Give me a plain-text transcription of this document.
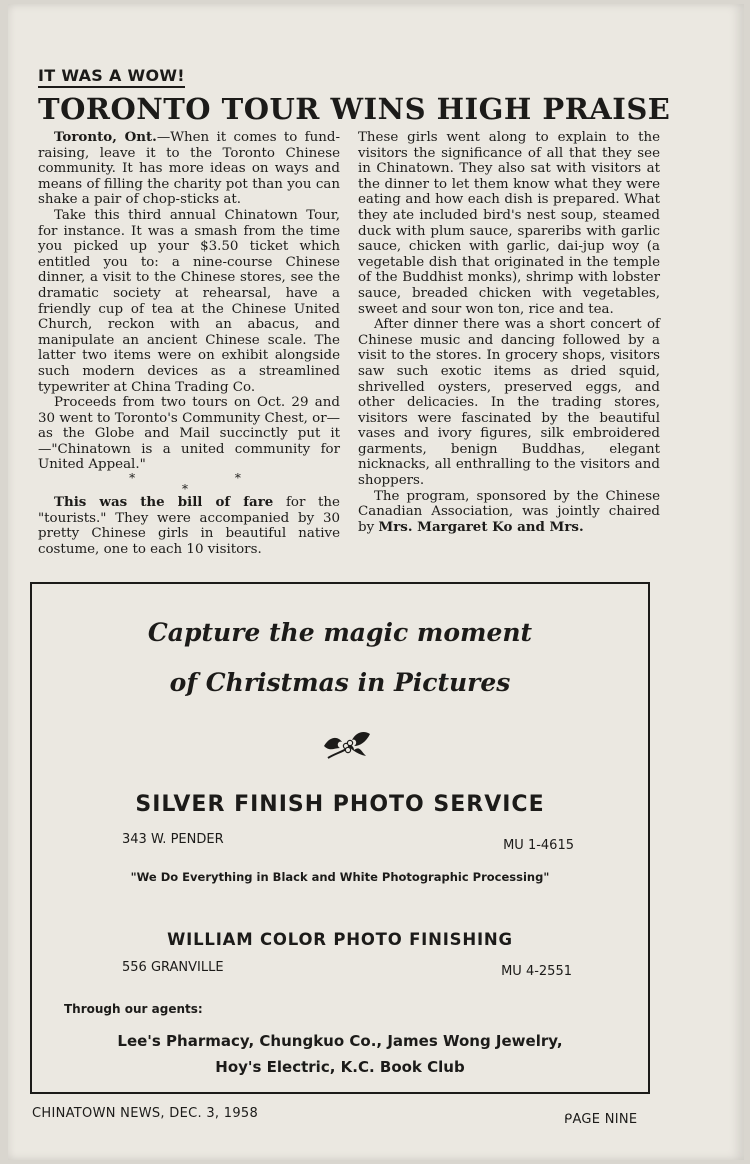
IT WAS A WOW!
TORONTO TOUR WINS HIGH PRAISE

Toronto, Ont.—When it comes to fund-raising, leave it to the Toronto Chinese community. It has more ideas on ways and means of filling the charity pot than you can shake a pair of chop-sticks at.

Take this third annual Chinatown Tour, for instance. It was a smash from the time you picked up your $3.50 ticket which entitled you to: a nine-course Chinese dinner, a visit to the Chinese stores, see the dramatic society at rehearsal, have a friendly cup of tea at the Chinese United Church, reckon with an abacus, and manipulate an ancient Chinese scale. The latter two items were on exhibit alongside such modern devices as a streamlined typewriter at China Trading Co.

Proceeds from two tours on Oct. 29 and 30 went to Toronto's Community Chest, or—as the Globe and Mail succinctly put it—"Chinatown is a united community for United Appeal."

* * *

This was the bill of fare for the "tourists." They were accompanied by 30 pretty Chinese girls in beautiful native costume, one to each 10 visitors.

These girls went along to explain to the visitors the significance of all that they see in Chinatown. They also sat with visitors at the dinner to let them know what they were eating and how each dish is prepared. What they ate included bird's nest soup, steamed duck with plum sauce, spareribs with garlic sauce, chicken with garlic, dai-jup woy (a vegetable dish that originated in the temple of the Buddhist monks), shrimp with lobster sauce, breaded chicken with vegetables, sweet and sour won ton, rice and tea.

After dinner there was a short concert of Chinese music and dancing followed by a visit to the stores. In grocery shops, visitors saw such exotic items as dried squid, shrivelled oysters, preserved eggs, and other delicacies. In the trading stores, visitors were fascinated by the beautiful vases and ivory figures, silk embroidered garments, benign Buddhas, elegant nicknacks, all enthralling to the visitors and shoppers.

The program, sponsored by the Chinese Canadian Association, was jointly chaired by Mrs. Margaret Ko and Mrs.

Capture the magic moment
of Christmas in Pictures
SILVER FINISH PHOTO SERVICE
343 W. PENDER	MU 1-4615
"We Do Everything in Black and White Photographic Processing"
WILLIAM COLOR PHOTO FINISHING
556 GRANVILLE	MU 4-2551
Through our agents:
Lee's Pharmacy, Chungkuo Co., James Wong Jewelry,
Hoy's Electric, K.C. Book Club
CHINATOWN NEWS, DEC. 3, 1958	ᑭAGE NINE
